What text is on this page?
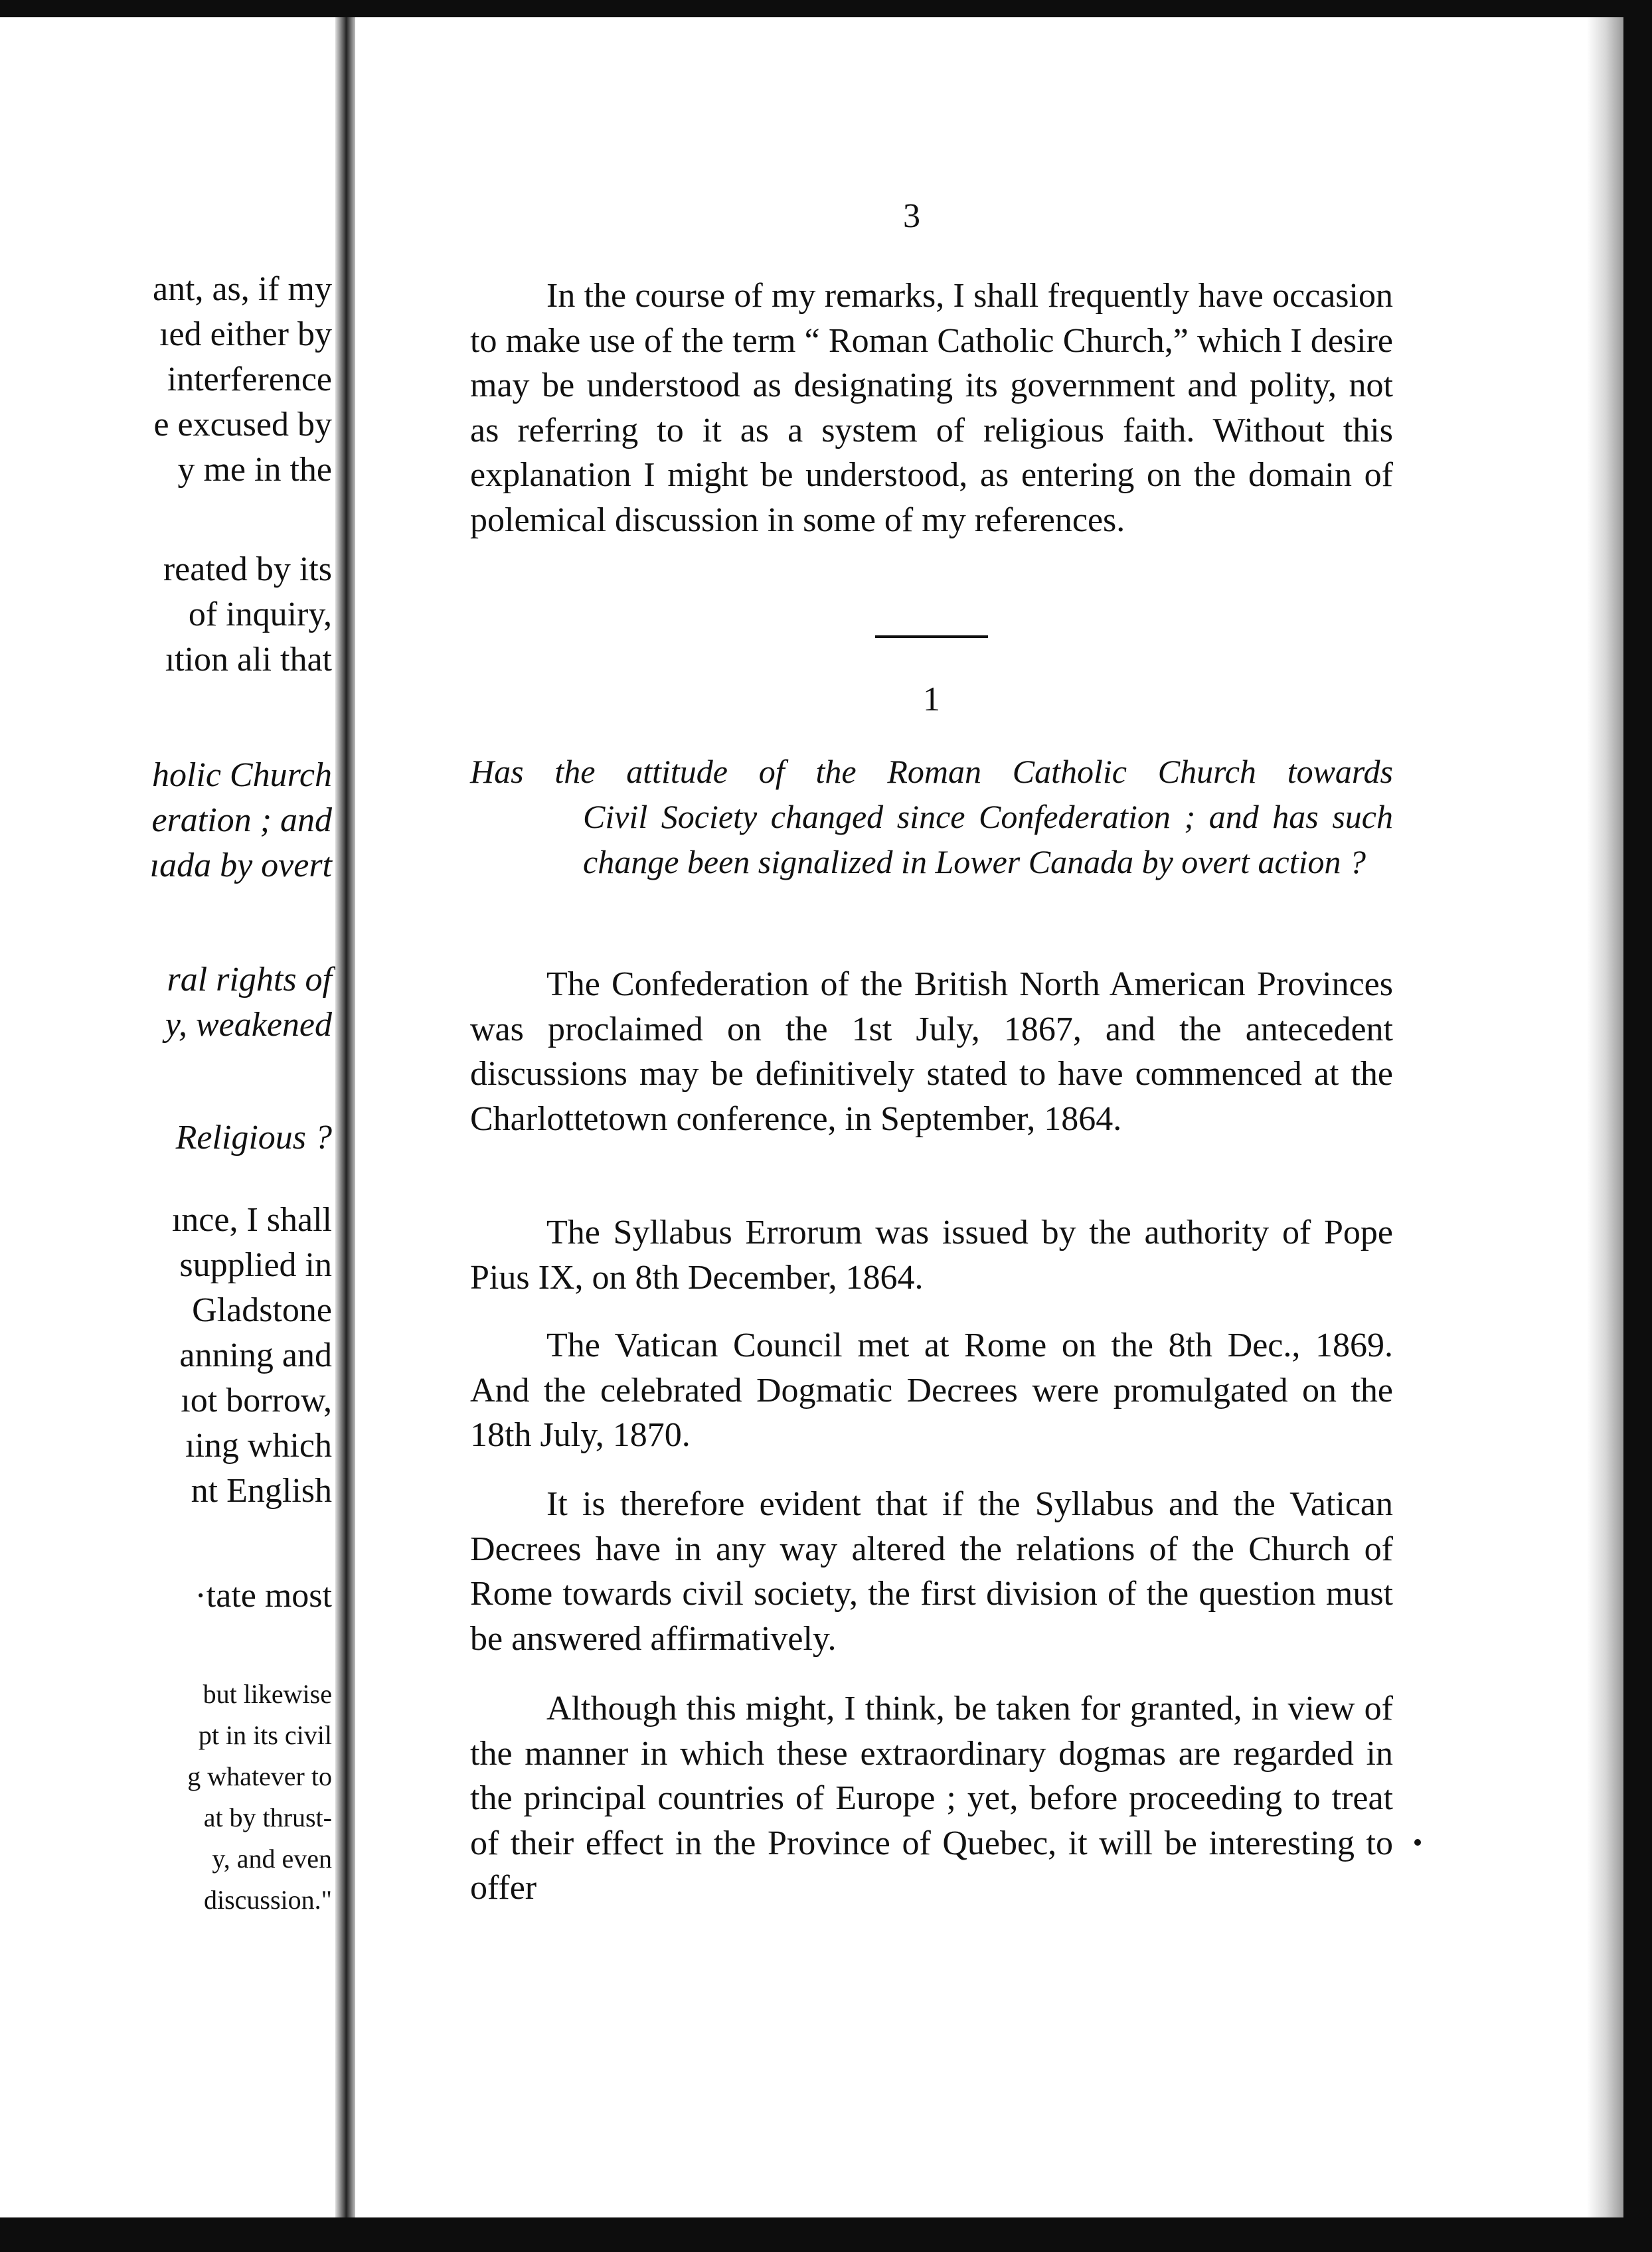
ant, as, if my
ıed either by
interference
e excused by
y me in the
reated by its
of inquiry,
ıtion ali that
holic Church
eration ; and
ıada by overt
ral rights of
y, weakened
Religious ?
ınce, I shall
supplied in
Gladstone
anning and
ıot borrow,
ıing which
nt English
·tate most
but likewise
pt in its civil
g whatever to
at by thrust-
y, and even
discussion."
3
In the course of my remarks, I shall frequently have occasion to make use of the term “ Roman Catholic Church,” which I desire may be understood as designating its government and polity, not as referring to it as a system of religious faith. Without this explanation I might be understood, as entering on the domain of polemical discussion in some of my references.
1
Has the attitude of the Roman Catholic Church towards
Civil Society changed since Confederation ; and has such change been signalized in Lower Canada by overt action ?
The Confederation of the British North American Provinces was proclaimed on the 1st July, 1867, and the antecedent discussions may be definitively stated to have commenced at the Charlottetown conference, in September, 1864.
The Syllabus Errorum was issued by the authority of Pope Pius IX, on 8th December, 1864.
The Vatican Council met at Rome on the 8th Dec., 1869. And the celebrated Dogmatic Decrees were promulgated on the 18th July, 1870.
It is therefore evident that if the Syllabus and the Vatican Decrees have in any way altered the relations of the Church of Rome towards civil society, the first division of the question must be answered affirmatively.
Although this might, I think, be taken for granted, in view of the manner in which these extraordinary dogmas are regarded in the principal countries of Europe ; yet, before proceeding to treat of their effect in the Province of Quebec, it will be interesting to offer
